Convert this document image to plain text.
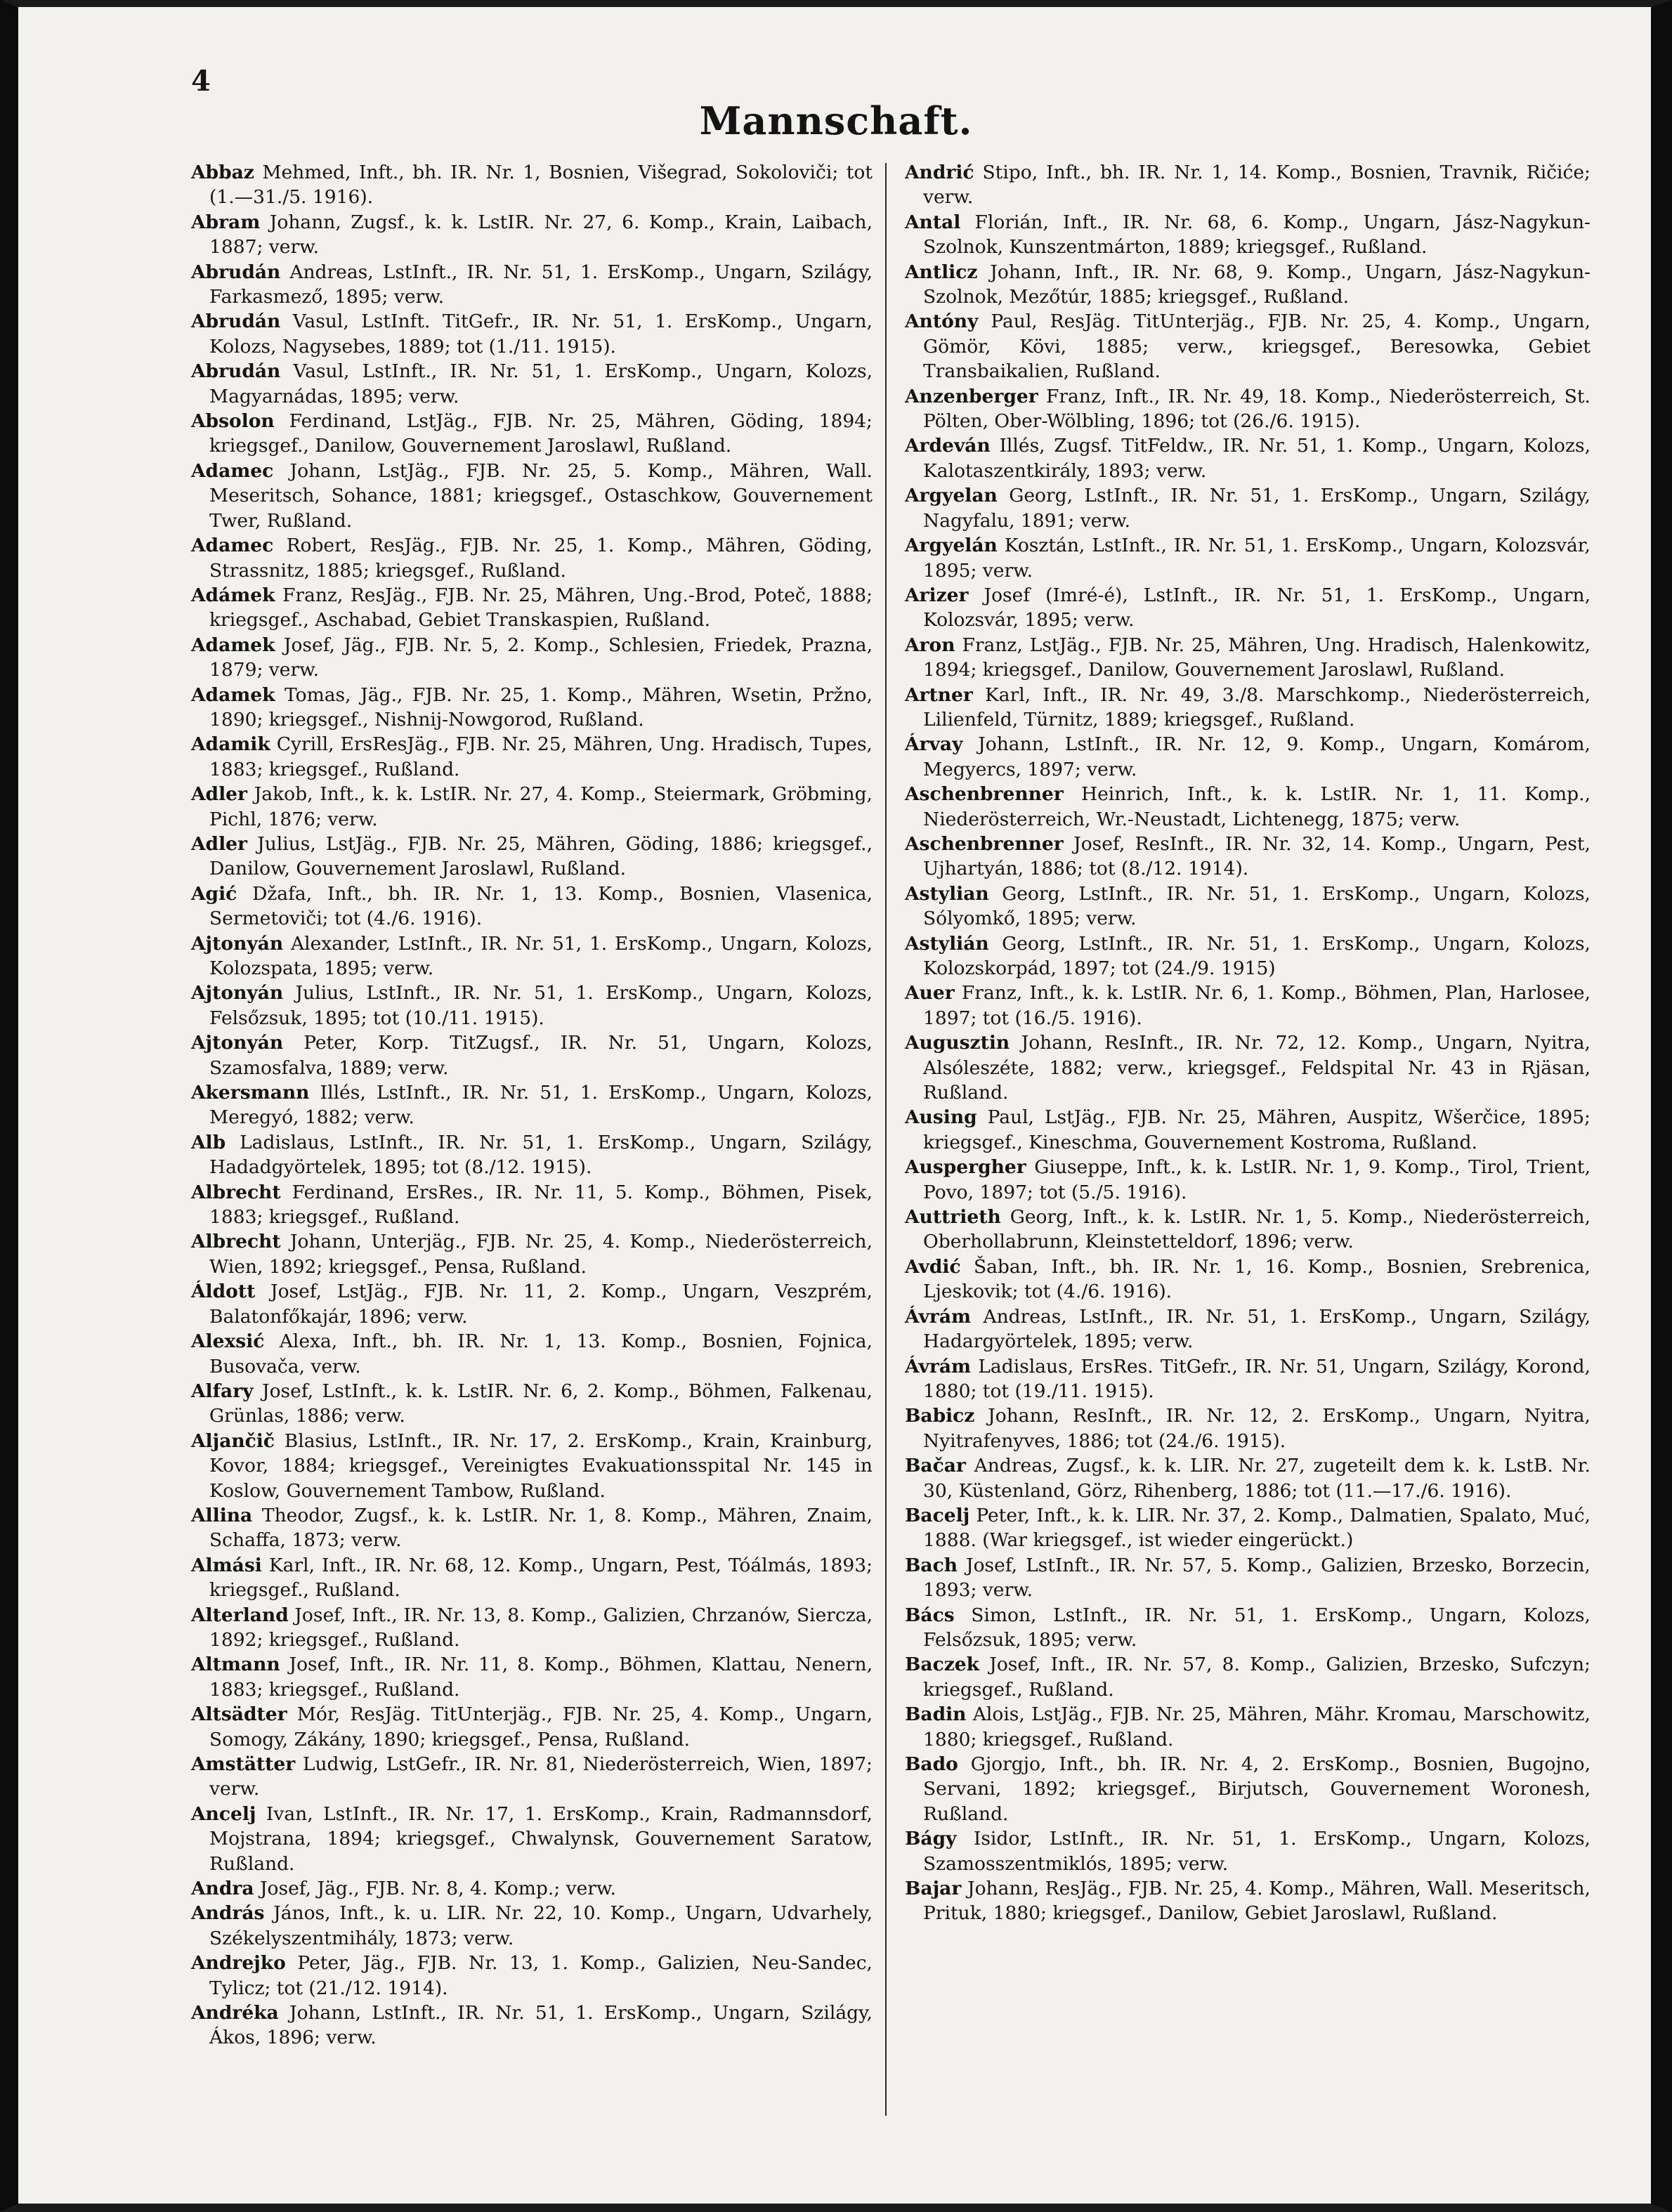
4
Mannschaft.

Abbaz Mehmed, Inft., bh. IR. Nr. 1, Bosnien, Višegrad, Sokoloviči; tot (1.—31./5. 1916).

Abram Johann, Zugsf., k. k. LstIR. Nr. 27, 6. Komp., Krain, Laibach, 1887; verw.

Abrudán Andreas, LstInft., IR. Nr. 51, 1. ErsKomp., Ungarn, Szilágy, Farkasmező, 1895; verw.

Abrudán Vasul, LstInft. TitGefr., IR. Nr. 51, 1. ErsKomp., Ungarn, Kolozs, Nagysebes, 1889; tot (1./11. 1915).

Abrudán Vasul, LstInft., IR. Nr. 51, 1. ErsKomp., Ungarn, Kolozs, Magyarnádas, 1895; verw.

Absolon Ferdinand, LstJäg., FJB. Nr. 25, Mähren, Göding, 1894; kriegsgef., Danilow, Gouvernement Jaroslawl, Rußland.

Adamec Johann, LstJäg., FJB. Nr. 25, 5. Komp., Mähren, Wall. Meseritsch, Sohance, 1881; kriegsgef., Ostaschkow, Gouvernement Twer, Rußland.

Adamec Robert, ResJäg., FJB. Nr. 25, 1. Komp., Mähren, Göding, Strassnitz, 1885; kriegsgef., Rußland.

Adámek Franz, ResJäg., FJB. Nr. 25, Mähren, Ung.-Brod, Poteč, 1888; kriegsgef., Aschabad, Gebiet Transkaspien, Rußland.

Adamek Josef, Jäg., FJB. Nr. 5, 2. Komp., Schlesien, Friedek, Prazna, 1879; verw.

Adamek Tomas, Jäg., FJB. Nr. 25, 1. Komp., Mähren, Wsetin, Pržno, 1890; kriegsgef., Nishnij-Nowgorod, Rußland.

Adamik Cyrill, ErsResJäg., FJB. Nr. 25, Mähren, Ung. Hradisch, Tupes, 1883; kriegsgef., Rußland.

Adler Jakob, Inft., k. k. LstIR. Nr. 27, 4. Komp., Steiermark, Gröbming, Pichl, 1876; verw.

Adler Julius, LstJäg., FJB. Nr. 25, Mähren, Göding, 1886; kriegsgef., Danilow, Gouvernement Jaroslawl, Rußland.

Agić Džafa, Inft., bh. IR. Nr. 1, 13. Komp., Bosnien, Vlasenica, Sermetoviči; tot (4./6. 1916).

Ajtonyán Alexander, LstInft., IR. Nr. 51, 1. ErsKomp., Ungarn, Kolozs, Kolozspata, 1895; verw.

Ajtonyán Julius, LstInft., IR. Nr. 51, 1. ErsKomp., Ungarn, Kolozs, Felsőzsuk, 1895; tot (10./11. 1915).

Ajtonyán Peter, Korp. TitZugsf., IR. Nr. 51, Ungarn, Kolozs, Szamosfalva, 1889; verw.

Akersmann Illés, LstInft., IR. Nr. 51, 1. ErsKomp., Ungarn, Kolozs, Meregyó, 1882; verw.

Alb Ladislaus, LstInft., IR. Nr. 51, 1. ErsKomp., Ungarn, Szilágy, Hadadgyörtelek, 1895; tot (8./12. 1915).

Albrecht Ferdinand, ErsRes., IR. Nr. 11, 5. Komp., Böhmen, Pisek, 1883; kriegsgef., Rußland.

Albrecht Johann, Unterjäg., FJB. Nr. 25, 4. Komp., Niederösterreich, Wien, 1892; kriegsgef., Pensa, Rußland.

Áldott Josef, LstJäg., FJB. Nr. 11, 2. Komp., Ungarn, Veszprém, Balatonfőkajár, 1896; verw.

Alexsić Alexa, Inft., bh. IR. Nr. 1, 13. Komp., Bosnien, Fojnica, Busovača, verw.

Alfary Josef, LstInft., k. k. LstIR. Nr. 6, 2. Komp., Böhmen, Falkenau, Grünlas, 1886; verw.

Aljančič Blasius, LstInft., IR. Nr. 17, 2. ErsKomp., Krain, Krainburg, Kovor, 1884; kriegsgef., Vereinigtes Evakuationsspital Nr. 145 in Koslow, Gouvernement Tambow, Rußland.

Allina Theodor, Zugsf., k. k. LstIR. Nr. 1, 8. Komp., Mähren, Znaim, Schaffa, 1873; verw.

Almási Karl, Inft., IR. Nr. 68, 12. Komp., Ungarn, Pest, Tóálmás, 1893; kriegsgef., Rußland.

Alterland Josef, Inft., IR. Nr. 13, 8. Komp., Galizien, Chrzanów, Siercza, 1892; kriegsgef., Rußland.

Altmann Josef, Inft., IR. Nr. 11, 8. Komp., Böhmen, Klattau, Nenern, 1883; kriegsgef., Rußland.

Altsädter Mór, ResJäg. TitUnterjäg., FJB. Nr. 25, 4. Komp., Ungarn, Somogy, Zákány, 1890; kriegsgef., Pensa, Rußland.

Amstätter Ludwig, LstGefr., IR. Nr. 81, Niederösterreich, Wien, 1897; verw.

Ancelj Ivan, LstInft., IR. Nr. 17, 1. ErsKomp., Krain, Radmannsdorf, Mojstrana, 1894; kriegsgef., Chwalynsk, Gouvernement Saratow, Rußland.

Andra Josef, Jäg., FJB. Nr. 8, 4. Komp.; verw.

András János, Inft., k. u. LIR. Nr. 22, 10. Komp., Ungarn, Udvarhely, Székelyszentmihály, 1873; verw.

Andrejko Peter, Jäg., FJB. Nr. 13, 1. Komp., Galizien, Neu-Sandec, Tylicz; tot (21./12. 1914).

Andréka Johann, LstInft., IR. Nr. 51, 1. ErsKomp., Ungarn, Szilágy, Ákos, 1896; verw.

Andrić Stipo, Inft., bh. IR. Nr. 1, 14. Komp., Bosnien, Travnik, Ričiće; verw.

Antal Florián, Inft., IR. Nr. 68, 6. Komp., Ungarn, Jász-Nagykun-Szolnok, Kunszentmárton, 1889; kriegsgef., Rußland.

Antlicz Johann, Inft., IR. Nr. 68, 9. Komp., Ungarn, Jász-Nagykun-Szolnok, Mezőtúr, 1885; kriegsgef., Rußland.

Antóny Paul, ResJäg. TitUnterjäg., FJB. Nr. 25, 4. Komp., Ungarn, Gömör, Kövi, 1885; verw., kriegsgef., Beresowka, Gebiet Transbaikalien, Rußland.

Anzenberger Franz, Inft., IR. Nr. 49, 18. Komp., Niederösterreich, St. Pölten, Ober-Wölbling, 1896; tot (26./6. 1915).

Ardeván Illés, Zugsf. TitFeldw., IR. Nr. 51, 1. Komp., Ungarn, Kolozs, Kalotaszentkirály, 1893; verw.

Argyelan Georg, LstInft., IR. Nr. 51, 1. ErsKomp., Ungarn, Szilágy, Nagyfalu, 1891; verw.

Argyelán Kosztán, LstInft., IR. Nr. 51, 1. ErsKomp., Ungarn, Kolozsvár, 1895; verw.

Arizer Josef (Imré-é), LstInft., IR. Nr. 51, 1. ErsKomp., Ungarn, Kolozsvár, 1895; verw.

Aron Franz, LstJäg., FJB. Nr. 25, Mähren, Ung. Hradisch, Halenkowitz, 1894; kriegsgef., Danilow, Gouvernement Jaroslawl, Rußland.

Artner Karl, Inft., IR. Nr. 49, 3./8. Marschkomp., Niederösterreich, Lilienfeld, Türnitz, 1889; kriegsgef., Rußland.

Árvay Johann, LstInft., IR. Nr. 12, 9. Komp., Ungarn, Komárom, Megyercs, 1897; verw.

Aschenbrenner Heinrich, Inft., k. k. LstIR. Nr. 1, 11. Komp., Niederösterreich, Wr.-Neustadt, Lichtenegg, 1875; verw.

Aschenbrenner Josef, ResInft., IR. Nr. 32, 14. Komp., Ungarn, Pest, Ujhartyán, 1886; tot (8./12. 1914).

Astylian Georg, LstInft., IR. Nr. 51, 1. ErsKomp., Ungarn, Kolozs, Sólyomkő, 1895; verw.

Astylián Georg, LstInft., IR. Nr. 51, 1. ErsKomp., Ungarn, Kolozs, Kolozskorpád, 1897; tot (24./9. 1915)

Auer Franz, Inft., k. k. LstIR. Nr. 6, 1. Komp., Böhmen, Plan, Harlosee, 1897; tot (16./5. 1916).

Augusztin Johann, ResInft., IR. Nr. 72, 12. Komp., Ungarn, Nyitra, Alsóleszéte, 1882; verw., kriegsgef., Feldspital Nr. 43 in Rjäsan, Rußland.

Ausing Paul, LstJäg., FJB. Nr. 25, Mähren, Auspitz, Wšerčice, 1895; kriegsgef., Kineschma, Gouvernement Kostroma, Rußland.

Auspergher Giuseppe, Inft., k. k. LstIR. Nr. 1, 9. Komp., Tirol, Trient, Povo, 1897; tot (5./5. 1916).

Auttrieth Georg, Inft., k. k. LstIR. Nr. 1, 5. Komp., Niederösterreich, Oberhollabrunn, Kleinstetteldorf, 1896; verw.

Avdić Šaban, Inft., bh. IR. Nr. 1, 16. Komp., Bosnien, Srebrenica, Ljeskovik; tot (4./6. 1916).

Ávrám Andreas, LstInft., IR. Nr. 51, 1. ErsKomp., Ungarn, Szilágy, Hadargyörtelek, 1895; verw.

Ávrám Ladislaus, ErsRes. TitGefr., IR. Nr. 51, Ungarn, Szilágy, Korond, 1880; tot (19./11. 1915).

Babicz Johann, ResInft., IR. Nr. 12, 2. ErsKomp., Ungarn, Nyitra, Nyitrafenyves, 1886; tot (24./6. 1915).

Bačar Andreas, Zugsf., k. k. LIR. Nr. 27, zugeteilt dem k. k. LstB. Nr. 30, Küstenland, Görz, Rihenberg, 1886; tot (11.—17./6. 1916).

Bacelj Peter, Inft., k. k. LIR. Nr. 37, 2. Komp., Dalmatien, Spalato, Muć, 1888. (War kriegsgef., ist wieder eingerückt.)

Bach Josef, LstInft., IR. Nr. 57, 5. Komp., Galizien, Brzesko, Borzecin, 1893; verw.

Bács Simon, LstInft., IR. Nr. 51, 1. ErsKomp., Ungarn, Kolozs, Felsőzsuk, 1895; verw.

Baczek Josef, Inft., IR. Nr. 57, 8. Komp., Galizien, Brzesko, Sufczyn; kriegsgef., Rußland.

Badin Alois, LstJäg., FJB. Nr. 25, Mähren, Mähr. Kromau, Marschowitz, 1880; kriegsgef., Rußland.

Bado Gjorgjo, Inft., bh. IR. Nr. 4, 2. ErsKomp., Bosnien, Bugojno, Servani, 1892; kriegsgef., Birjutsch, Gouvernement Woronesh, Rußland.

Bágy Isidor, LstInft., IR. Nr. 51, 1. ErsKomp., Ungarn, Kolozs, Szamosszentmiklós, 1895; verw.

Bajar Johann, ResJäg., FJB. Nr. 25, 4. Komp., Mähren, Wall. Meseritsch, Prituk, 1880; kriegsgef., Danilow, Gebiet Jaroslawl, Rußland.
